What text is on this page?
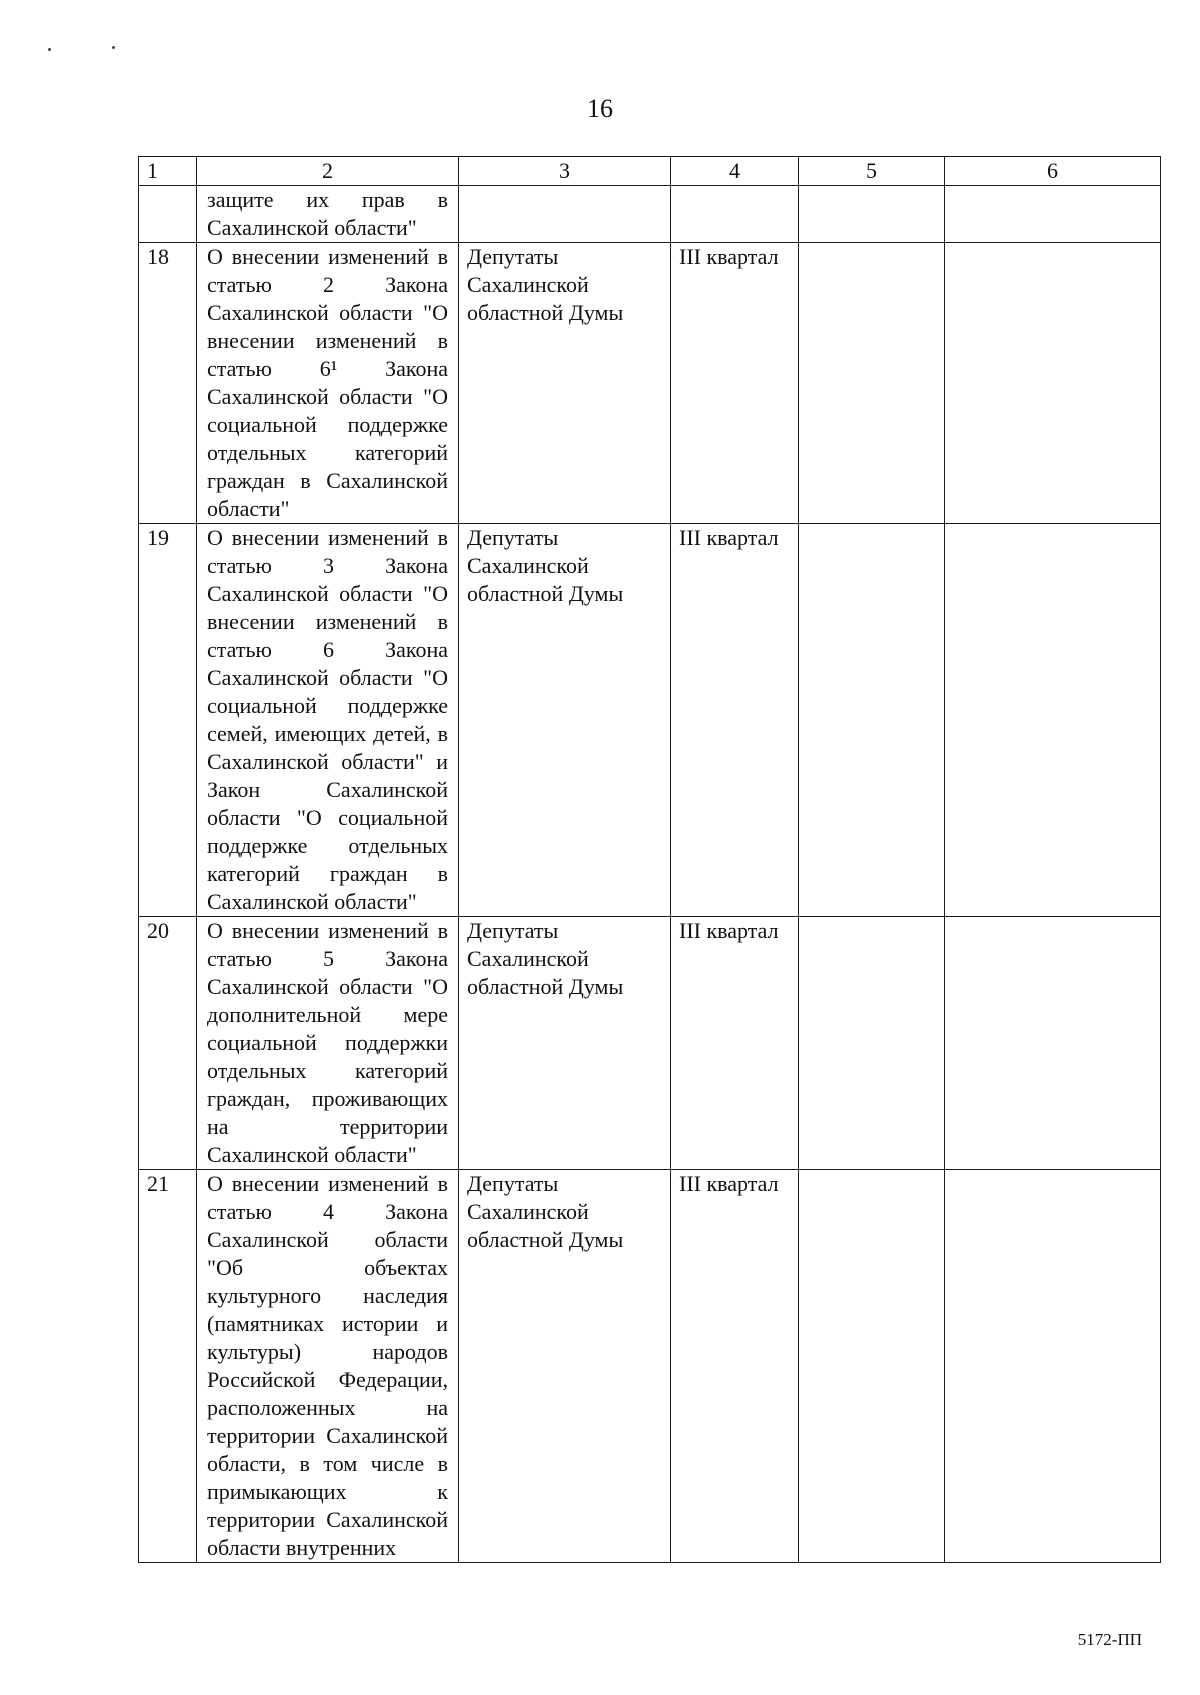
16
1	2	3	4	5	6
	защите их прав в Сахалинской области"				
18	О внесении изменений в статью 2 Закона Сахалинской области "О внесении изменений в статью 6¹ Закона Сахалинской области "О социальной поддержке отдельных категорий граждан в Сахалинской области"	Депутаты Сахалинской областной Думы	III квартал		
19	О внесении изменений в статью 3 Закона Сахалинской области "О внесении изменений в статью 6 Закона Сахалинской области "О социальной поддержке семей, имеющих детей, в Сахалинской области" и Закон Сахалинской области "О социальной поддержке отдельных категорий граждан в Сахалинской области"	Депутаты Сахалинской областной Думы	III квартал		
20	О внесении изменений в статью 5 Закона Сахалинской области "О дополнительной мере социальной поддержки отдельных категорий граждан, проживающих на территории Сахалинской области"	Депутаты Сахалинской областной Думы	III квартал		
21	О внесении изменений в статью 4 Закона Сахалинской области "Об объектах культурного наследия (памятниках истории и культуры) народов Российской Федерации, расположенных на территории Сахалинской области, в том числе в примыкающих к территории Сахалинской области внутренних	Депутаты Сахалинской областной Думы	III квартал		
5172-ПП
